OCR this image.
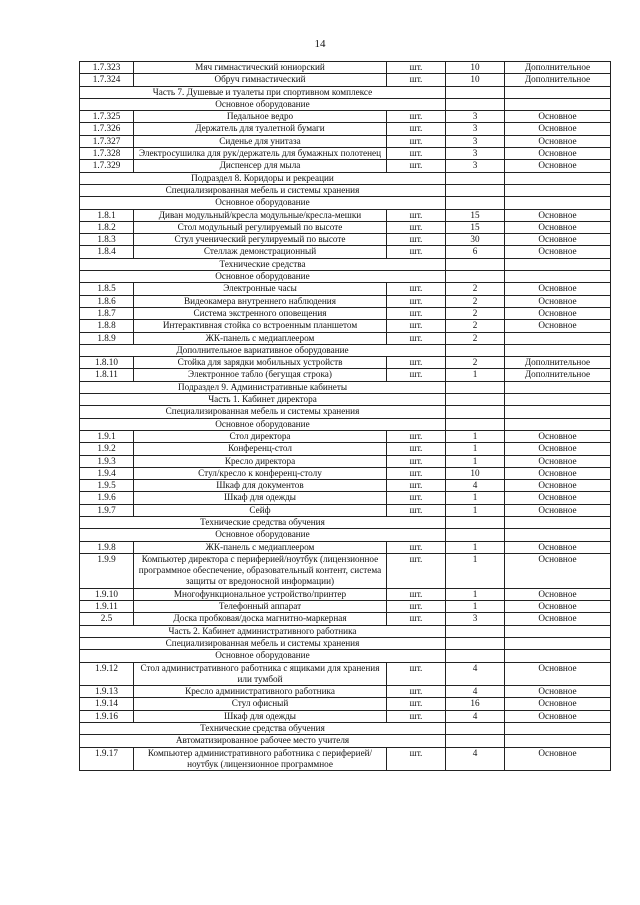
14
1.7.323	Мяч гимнастический юниорский	шт.	10	Дополнительное
1.7.324	Обруч гимнастический	шт.	10	Дополнительное
Часть 7. Душевые и туалеты при спортивном комплексе				
Основное оборудование				
1.7.325	Педальное ведро	шт.	3	Основное
1.7.326	Держатель для туалетной бумаги	шт.	3	Основное
1.7.327	Сиденье для унитаза	шт.	3	Основное
1.7.328	Электросушилка для рук/держатель для бумажных полотенец	шт.	3	Основное
1.7.329	Диспенсер для мыла	шт.	3	Основное
Подраздел 8. Коридоры и рекреации				
Специализированная мебель и системы хранения				
Основное оборудование				
1.8.1	Диван модульный/кресла модульные/кресла-мешки	шт.	15	Основное
1.8.2	Стол модульный регулируемый по высоте	шт.	15	Основное
1.8.3	Стул ученический регулируемый по высоте	шт.	30	Основное
1.8.4	Стеллаж демонстрационный	шт.	6	Основное
Технические средства				
Основное оборудование				
1.8.5	Электронные часы	шт.	2	Основное
1.8.6	Видеокамера внутреннего наблюдения	шт.	2	Основное
1.8.7	Система экстренного оповещения	шт.	2	Основное
1.8.8	Интерактивная стойка со встроенным планшетом	шт.	2	Основное
1.8.9	ЖК-панель с медиаплеером	шт.	2	
Дополнительное вариативное оборудование				
1.8.10	Стойка для зарядки мобильных устройств	шт.	2	Дополнительное
1.8.11	Электронное табло (бегущая строка)	шт.	1	Дополнительное
Подраздел 9. Административные кабинеты				
Часть 1. Кабинет директора				
Специализированная мебель и системы хранения				
Основное оборудование				
1.9.1	Стол директора	шт.	1	Основное
1.9.2	Конференц-стол	шт.	1	Основное
1.9.3	Кресло директора	шт.	1	Основное
1.9.4	Стул/кресло к конференц-столу	шт.	10	Основное
1.9.5	Шкаф для документов	шт.	4	Основное
1.9.6	Шкаф для одежды	шт.	1	Основное
1.9.7	Сейф	шт.	1	Основное
Технические средства обучения				
Основное оборудование				
1.9.8	ЖК-панель с медиаплеером	шт.	1	Основное
1.9.9	Компьютер директора с периферией/ноутбук (лицензионное программное обеспечение, образовательный контент, система защиты от вредоносной информации)	шт.	1	Основное
1.9.10	Многофункциональное устройство/принтер	шт.	1	Основное
1.9.11	Телефонный аппарат	шт.	1	Основное
2.5	Доска пробковая/доска магнитно-маркерная	шт.	3	Основное
Часть 2. Кабинет административного работника				
Специализированная мебель и системы хранения				
Основное оборудование				
1.9.12	Стол административного работника с ящиками для хранения или тумбой	шт.	4	Основное
1.9.13	Кресло административного работника	шт.	4	Основное
1.9.14	Стул офисный	шт.	16	Основное
1.9.16	Шкаф для одежды	шт.	4	Основное
Технические средства обучения				
Автоматизированное рабочее место учителя				
1.9.17	Компьютер административного работника с периферией/ноутбук (лицензионное программное	шт.	4	Основное
